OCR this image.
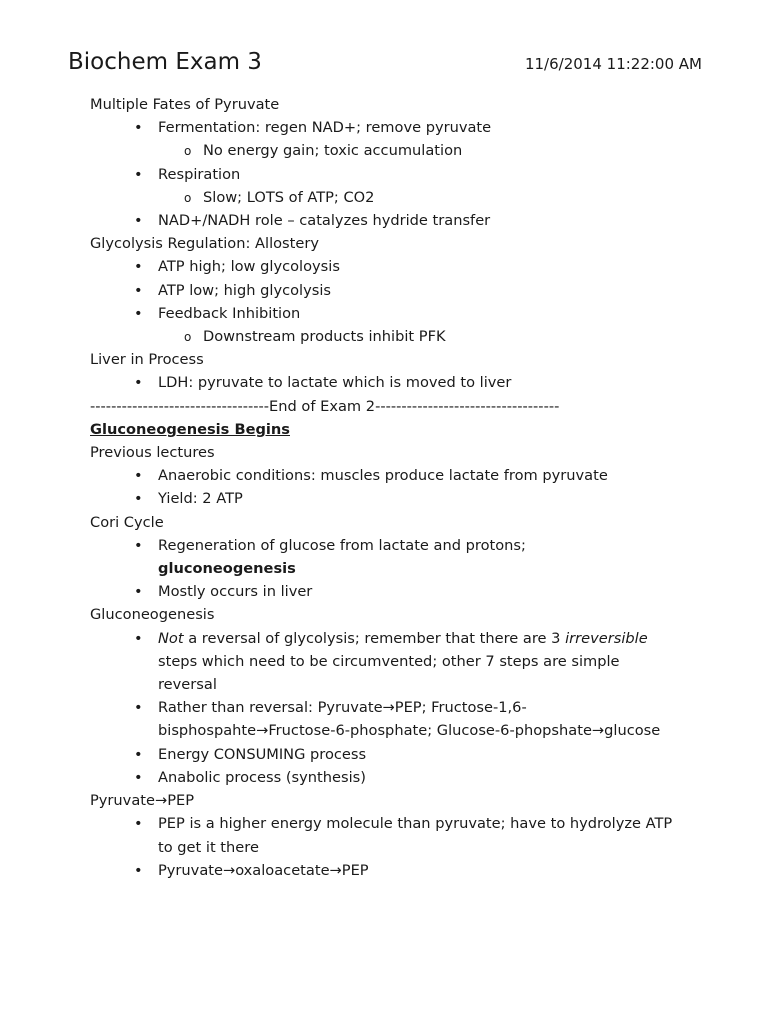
Biochem Exam 3	11/6/2014 11:22:00 AM
Multiple Fates of Pyruvate
• Fermentation: regen NAD+; remove pyruvate
o No energy gain; toxic accumulation
• Respiration
o Slow; LOTS of ATP; CO2
• NAD+/NADH role – catalyzes hydride transfer
Glycolysis Regulation: Allostery
• ATP high; low glycoloysis
• ATP low; high glycolysis
• Feedback Inhibition
o Downstream products inhibit PFK
Liver in Process
• LDH: pyruvate to lactate which is moved to liver
----------------------------------End of Exam 2-----------------------------------
Gluconeogenesis Begins
Previous lectures
• Anaerobic conditions: muscles produce lactate from pyruvate
• Yield: 2 ATP
Cori Cycle
• Regeneration of glucose from lactate and protons;
gluconeogenesis
• Mostly occurs in liver
Gluconeogenesis
• Not a reversal of glycolysis; remember that there are 3 irreversible steps which need to be circumvented; other 7 steps are simple reversal
• Rather than reversal: Pyruvate→PEP; Fructose-1,6-bisphospahte→Fructose-6-phosphate; Glucose-6-phopshate→glucose
• Energy CONSUMING process
• Anabolic process (synthesis)
Pyruvate→PEP
• PEP is a higher energy molecule than pyruvate; have to hydrolyze ATP to get it there
• Pyruvate→oxaloacetate→PEP
